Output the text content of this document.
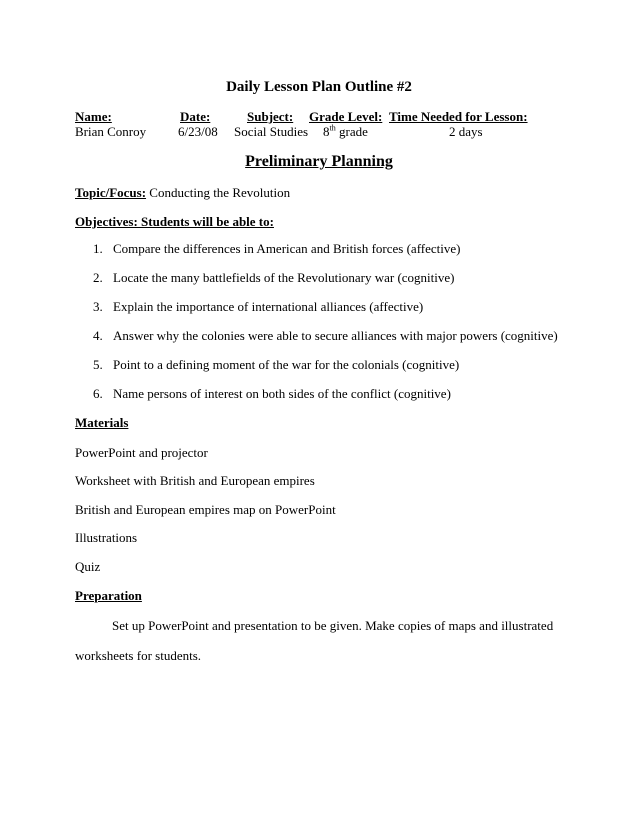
Daily Lesson Plan Outline #2
Name:	Date:	Subject: Grade Level: Time Needed for Lesson:
Brian Conroy 6/23/08 Social Studies 8th grade	2 days
Preliminary Planning
Topic/Focus: Conducting the Revolution
Objectives: Students will be able to:
1. Compare the differences in American and British forces (affective)
2. Locate the many battlefields of the Revolutionary war (cognitive)
3. Explain the importance of international alliances (affective)
4. Answer why the colonies were able to secure alliances with major powers (cognitive)
5. Point to a defining moment of the war for the colonials (cognitive)
6. Name persons of interest on both sides of the conflict (cognitive)
Materials
PowerPoint and projector
Worksheet with British and European empires
British and European empires map on PowerPoint
Illustrations
Quiz
Preparation
Set up PowerPoint and presentation to be given. Make copies of maps and illustrated
worksheets for students.
